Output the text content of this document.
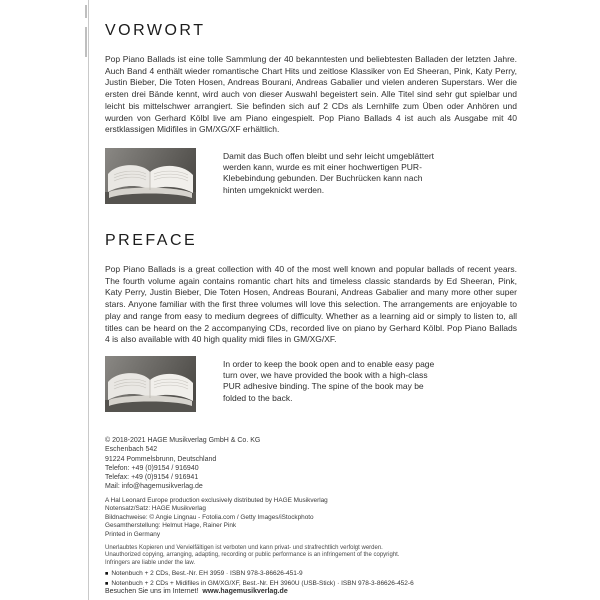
VORWORT

Pop Piano Ballads ist eine tolle Sammlung der 40 bekanntesten und beliebtesten Balladen der letzten Jahre. Auch Band 4 enthält wieder romantische Chart Hits und zeitlose Klassiker von Ed Sheeran, Pink, Katy Perry, Justin Bieber, Die Toten Hosen, Andreas Bourani, Andreas Gabalier und vielen anderen Superstars. Wer die ersten drei Bände kennt, wird auch von dieser Auswahl begeistert sein. Alle Titel sind sehr gut spielbar und leicht bis mittelschwer arrangiert. Sie befinden sich auf 2 CDs als Lernhilfe zum Üben oder Anhören und wurden von Gerhard Kölbl live am Piano eingespielt. Pop Piano Ballads 4 ist auch als Ausgabe mit 40 erstklassigen Midifiles in GM/XG/XF erhältlich.

Damit das Buch offen bleibt und sehr leicht umgeblättert werden kann, wurde es mit einer hochwertigen PUR-Klebebindung gebunden. Der Buchrücken kann nach hinten umgeknickt werden.

PREFACE

Pop Piano Ballads is a great collection with 40 of the most well known and popular ballads of recent years. The fourth volume again contains romantic chart hits and timeless classic standards by Ed Sheeran, Pink, Katy Perry, Justin Bieber, Die Toten Hosen, Andreas Bourani, Andreas Gabalier and many more other super stars. Anyone familiar with the first three volumes will love this selection. The arrangements are enjoyable to play and range from easy to medium degrees of difficulty. Whether as a learning aid or simply to listen to, all titles can be heard on the 2 accompanying CDs, recorded live on piano by Gerhard Kölbl. Pop Piano Ballads 4 is also available with 40 high quality midi files in GM/XG/XF.

In order to keep the book open and to enable easy page turn over, we have provided the book with a high-class PUR adhesive binding. The spine of the book may be folded to the back.

© 2018-2021 HAGE Musikverlag GmbH & Co. KG
Eschenbach 542
91224 Pommelsbrunn, Deutschland
Telefon: +49 (0)9154 / 916940
Telefax: +49 (0)9154 / 916941
Mail: info@hagemusikverlag.de
A Hal Leonard Europe production exclusively distributed by HAGE Musikverlag
Notensatz/Satz: HAGE Musikverlag
Bildnachweise: © Angie Lingnau - Fotolia.com / Getty Images/iStockphoto
Gesamtherstellung: Helmut Hage, Rainer Pink
Printed in Germany
Unerlaubtes Kopieren und Vervielfältigen ist verboten und kann privat- und strafrechtlich verfolgt werden.
Unauthorized copying, arranging, adapting, recording or public performance is an infringement of the copyright.
Infringers are liable under the law.
■ Notenbuch + 2 CDs, Best.-Nr. EH 3959 · ISBN 978-3-86626-451-9
■ Notenbuch + 2 CDs + Midifiles in GM/XG/XF, Best.-Nr. EH 3960U (USB-Stick) · ISBN 978-3-86626-452-6
Besuchen Sie uns im Internet! www.hagemusikverlag.de
